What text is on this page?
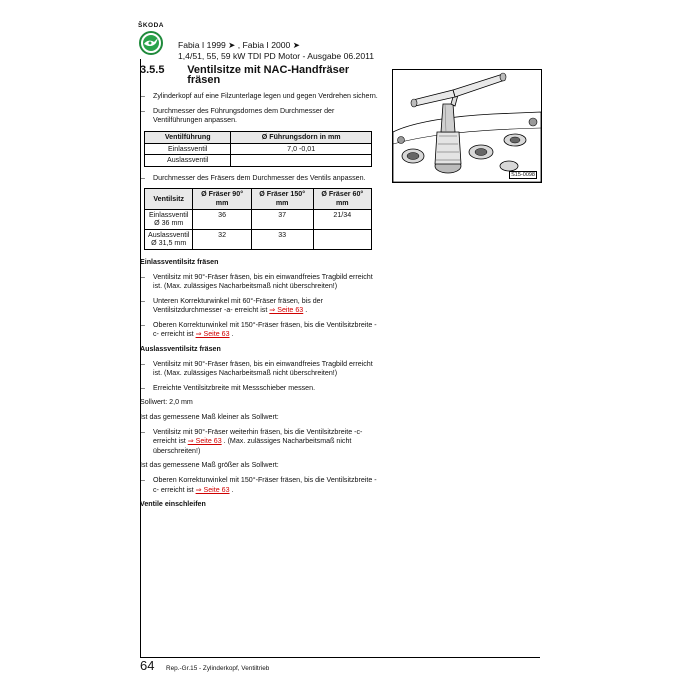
ŠKODA
Fabia I 1999 ➤ , Fabia I 2000 ➤
1,4/51, 55, 59 kW TDI PD Motor - Ausgabe 06.2011
3.5.5	Ventilsitze mit NAC-Handfräser fräsen
– Zylinderkopf auf eine Filzunterlage legen und gegen Verdrehen sichern.
– Durchmesser des Führungsdornes dem Durchmesser der Ventilführungen anpassen.
Ventilführung	Ø Führungsdorn in mm
Einlassventil	7,0 -0,01
Auslassventil	
– Durchmesser des Fräsers dem Durchmesser des Ventils anpassen.
Ventilsitz	Ø Fräser 90° mm	Ø Fräser 150° mm	Ø Fräser 60° mm

Einlassventil
Ø 36 mm	36	37	21/34

Auslassventil
Ø 31,5 mm	32	33	
Einlassventilsitz fräsen
– Ventilsitz mit 90°-Fräser fräsen, bis ein einwandfreies Tragbild erreicht ist. (Max. zulässiges Nacharbeitsmaß nicht überschreiten!)
– Unteren Korrekturwinkel mit 60°-Fräser fräsen, bis der Ventilsitzdurchmesser -a- erreicht ist ⇒ Seite 63 .
– Oberen Korrekturwinkel mit 150°-Fräser fräsen, bis die Ventilsitzbreite -c- erreicht ist ⇒ Seite 63 .
Auslassventilsitz fräsen
– Ventilsitz mit 90°-Fräser fräsen, bis ein einwandfreies Tragbild erreicht ist. (Max. zulässiges Nacharbeitsmaß nicht überschreiten!)
– Erreichte Ventilsitzbreite mit Messschieber messen.
Sollwert: 2,0 mm
Ist das gemessene Maß kleiner als Sollwert:
– Ventilsitz mit 90°-Fräser weiterhin fräsen, bis die Ventilsitzbreite -c- erreicht ist ⇒ Seite 63 . (Max. zulässiges Nacharbeitsmaß nicht überschreiten!)
Ist das gemessene Maß größer als Sollwert:
– Oberen Korrekturwinkel mit 150°-Fräser fräsen, bis die Ventilsitzbreite -c- erreicht ist ⇒ Seite 63 .
Ventile einschleifen
S15-0098
64 Rep.-Gr.15 - Zylinderkopf, Ventiltrieb
